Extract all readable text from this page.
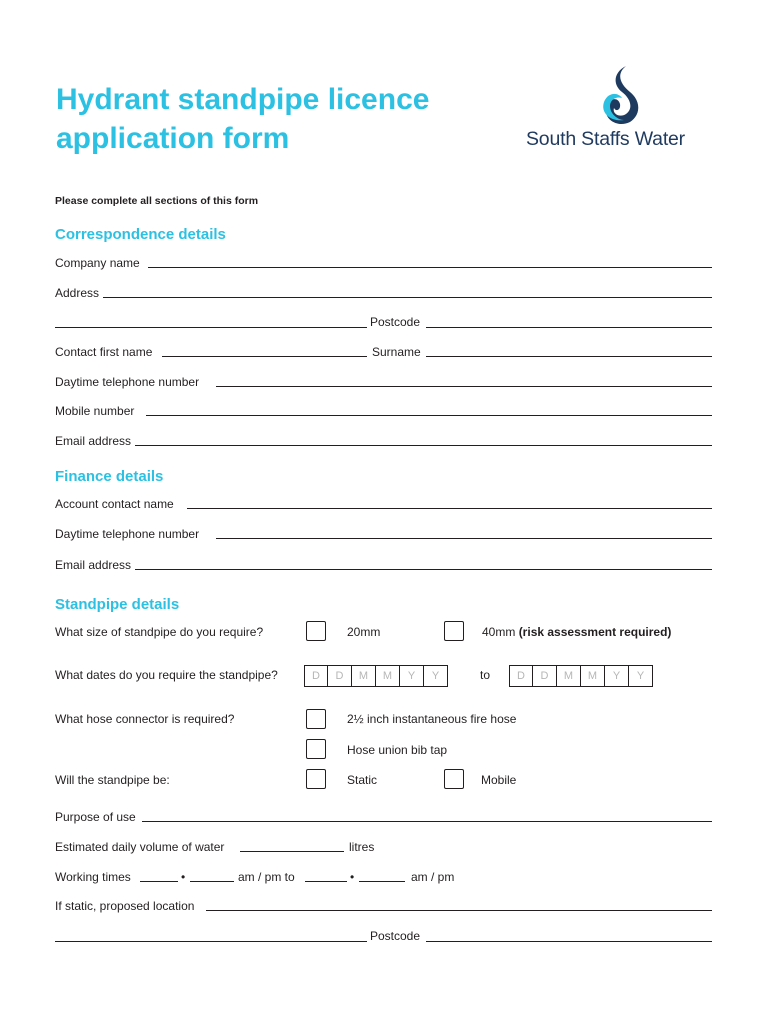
Hydrant standpipe licence
application form	South Staffs Water
Please complete all sections of this form
Correspondence details
Company name
Address
Postcode
Contact first name	Surname
Daytime telephone number
Mobile number
Email address
Finance details
Account contact name
Daytime telephone number
Email address
Standpipe details
What size of standpipe do you require?	20mm	40mm (risk assessment required)
What dates do you require the standpipe?	D	D	M	M	Y	Y	to	D	D	M	M	Y	Y
What hose connector is required?	2½ inch instantaneous fire hose
Hose union bib tap
Will the standpipe be:	Static	Mobile
Purpose of use
Estimated daily volume of water	litres
Working times	•	am / pm to	•	am / pm
If static, proposed location
Postcode
